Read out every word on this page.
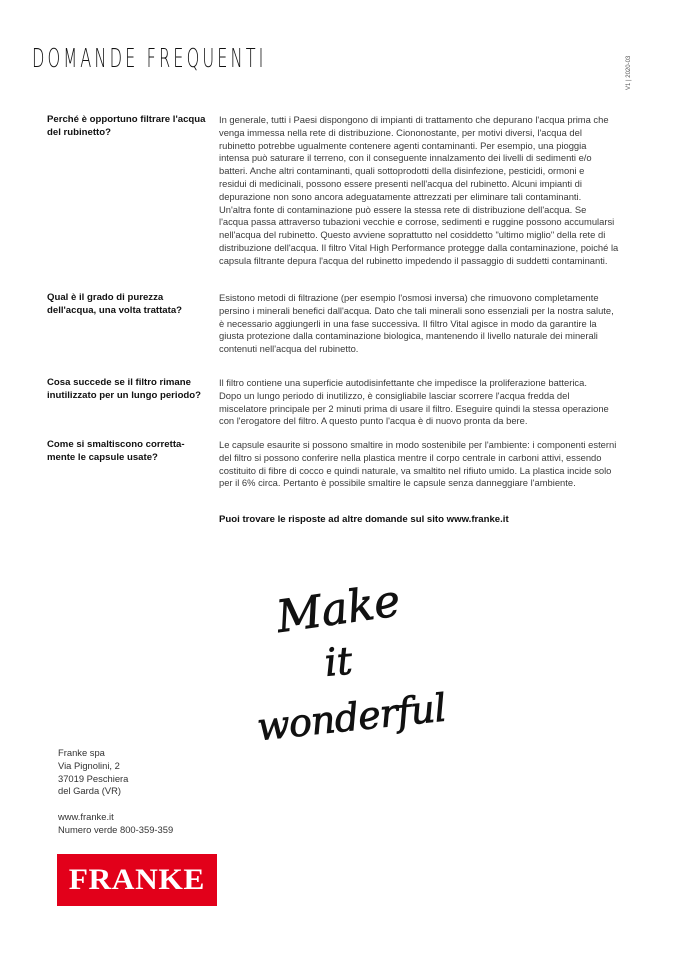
DOMANDE FREQUENTI	V1 | 2020-03
Perché è opportuno filtrare l'acqua
del rubinetto?
In generale, tutti i Paesi dispongono di impianti di trattamento che depurano l'acqua prima che
venga immessa nella rete di distribuzione. Ciononostante, per motivi diversi, l'acqua del
rubinetto potrebbe ugualmente contenere agenti contaminanti. Per esempio, una pioggia
intensa può saturare il terreno, con il conseguente innalzamento dei livelli di sedimenti e/o
batteri. Anche altri contaminanti, quali sottoprodotti della disinfezione, pesticidi, ormoni e
residui di medicinali, possono essere presenti nell'acqua del rubinetto. Alcuni impianti di
depurazione non sono ancora adeguatamente attrezzati per eliminare tali contaminanti.
Un'altra fonte di contaminazione può essere la stessa rete di distribuzione dell'acqua. Se
l'acqua passa attraverso tubazioni vecchie e corrose, sedimenti e ruggine possono accumularsi
nell'acqua del rubinetto. Questo avviene soprattutto nel cosiddetto "ultimo miglio" della rete di
distribuzione dell'acqua. Il filtro Vital High Performance protegge dalla contaminazione, poiché la
capsula filtrante depura l'acqua del rubinetto impedendo il passaggio di suddetti contaminanti.
Qual è il grado di purezza
dell'acqua, una volta trattata?
Esistono metodi di filtrazione (per esempio l'osmosi inversa) che rimuovono completamente
persino i minerali benefici dall'acqua. Dato che tali minerali sono essenziali per la nostra salute,
è necessario aggiungerli in una fase successiva. Il filtro Vital agisce in modo da garantire la
giusta protezione dalla contaminazione biologica, mantenendo il livello naturale dei minerali
contenuti nell'acqua del rubinetto.
Cosa succede se il filtro rimane
inutilizzato per un lungo periodo?
Il filtro contiene una superficie autodisinfettante che impedisce la proliferazione batterica.
Dopo un lungo periodo di inutilizzo, è consigliabile lasciar scorrere l'acqua fredda del
miscelatore principale per 2 minuti prima di usare il filtro. Eseguire quindi la stessa operazione
con l'erogatore del filtro. A questo punto l'acqua è di nuovo pronta da bere.
Come si smaltiscono corretta-
mente le capsule usate?
Le capsule esaurite si possono smaltire in modo sostenibile per l'ambiente: i componenti esterni
del filtro si possono conferire nella plastica mentre il corpo centrale in carboni attivi, essendo
costituito di fibre di cocco e quindi naturale, va smaltito nel rifiuto umido. La plastica incide solo
per il 6% circa. Pertanto è possibile smaltire le capsule senza danneggiare l'ambiente.
Puoi trovare le risposte ad altre domande sul sito www.franke.it
Make
it
wonderful
Franke spa
Via Pignolini, 2
37019 Peschiera
del Garda (VR)
www.franke.it
Numero verde 800-359-359
FRANKE
